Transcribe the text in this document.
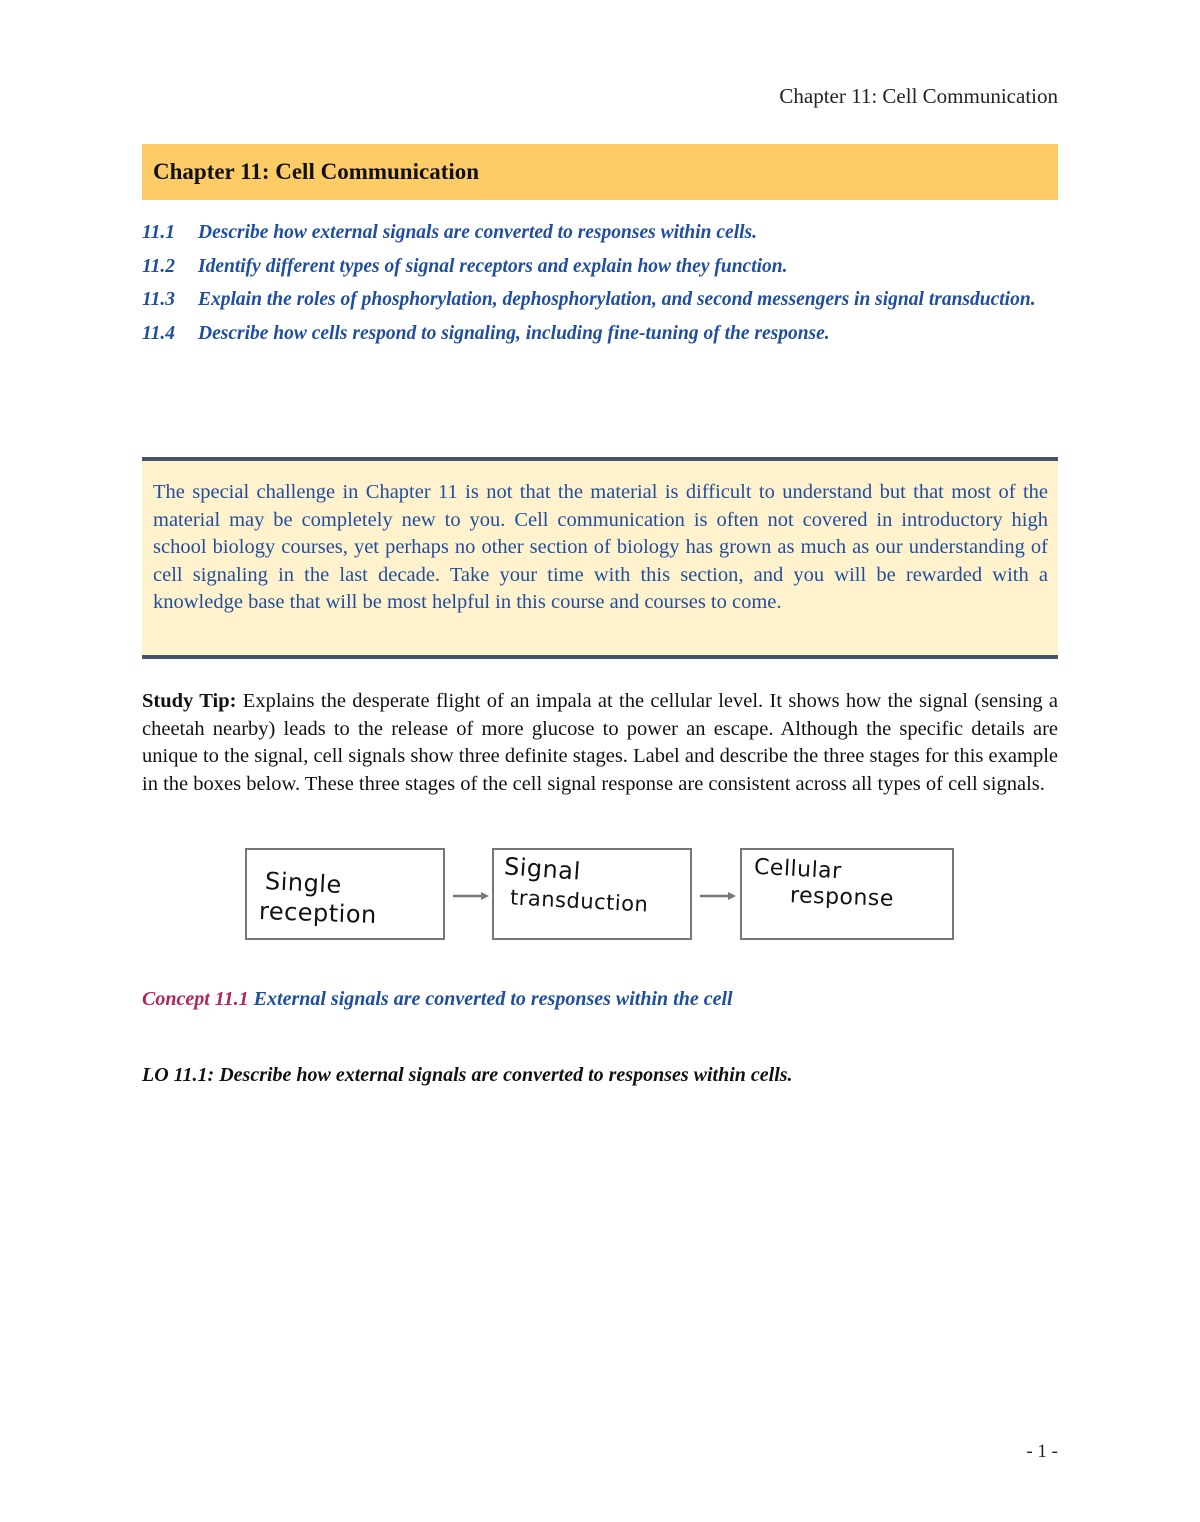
Chapter 11: Cell Communication
Chapter 11: Cell Communication
11.1	Describe how external signals are converted to responses within cells.
11.2	Identify different types of signal receptors and explain how they function.
11.3	Explain the roles of phosphorylation, dephosphorylation, and second messengers in signal transduction.
11.4	Describe how cells respond to signaling, including fine-tuning of the response.
The special challenge in Chapter 11 is not that the material is difficult to understand but that most of the material may be completely new to you. Cell communication is often not covered in introductory high school biology courses, yet perhaps no other section of biology has grown as much as our understanding of cell signaling in the last decade. Take your time with this section, and you will be rewarded with a knowledge base that will be most helpful in this course and courses to come.
Study Tip: Explains the desperate flight of an impala at the cellular level. It shows how the signal (sensing a cheetah nearby) leads to the release of more glucose to power an escape. Although the specific details are unique to the signal, cell signals show three definite stages. Label and describe the three stages for this example in the boxes below. These three stages of the cell signal response are consistent across all types of cell signals.
Single
reception
Signal
transduction
Cellular
response
Concept 11.1 External signals are converted to responses within the cell
LO 11.1: Describe how external signals are converted to responses within cells.
- 1 -
